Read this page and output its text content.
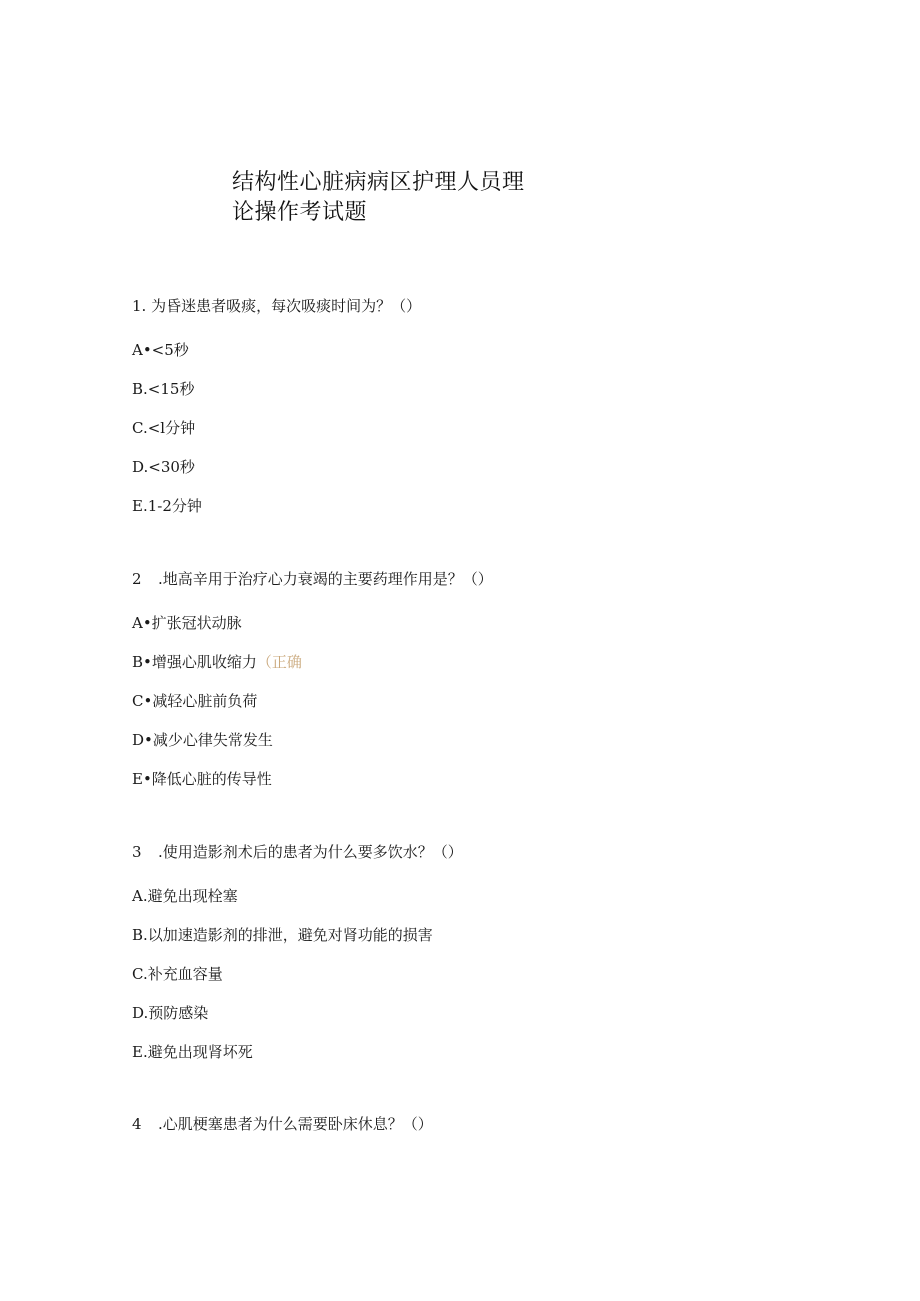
结构性心脏病病区护理人员理
论操作考试题

1. 为昏迷患者吸痰，每次吸痰时间为？（）

A•<5秒

B.<15秒

C.<l分钟

D.<30秒

E.1-2分钟

2 .地高辛用于治疗心力衰竭的主要药理作用是？（）

A•扩张冠状动脉

B•增强心肌收缩力（正确

C•减轻心脏前负荷

D•减少心律失常发生

E•降低心脏的传导性

3 .使用造影剂术后的患者为什么要多饮水？（）

A.避免出现栓塞

B.以加速造影剂的排泄，避免对肾功能的损害

C.补充血容量

D.预防感染

E.避免出现肾坏死

4 .心肌梗塞患者为什么需要卧床休息？（）
